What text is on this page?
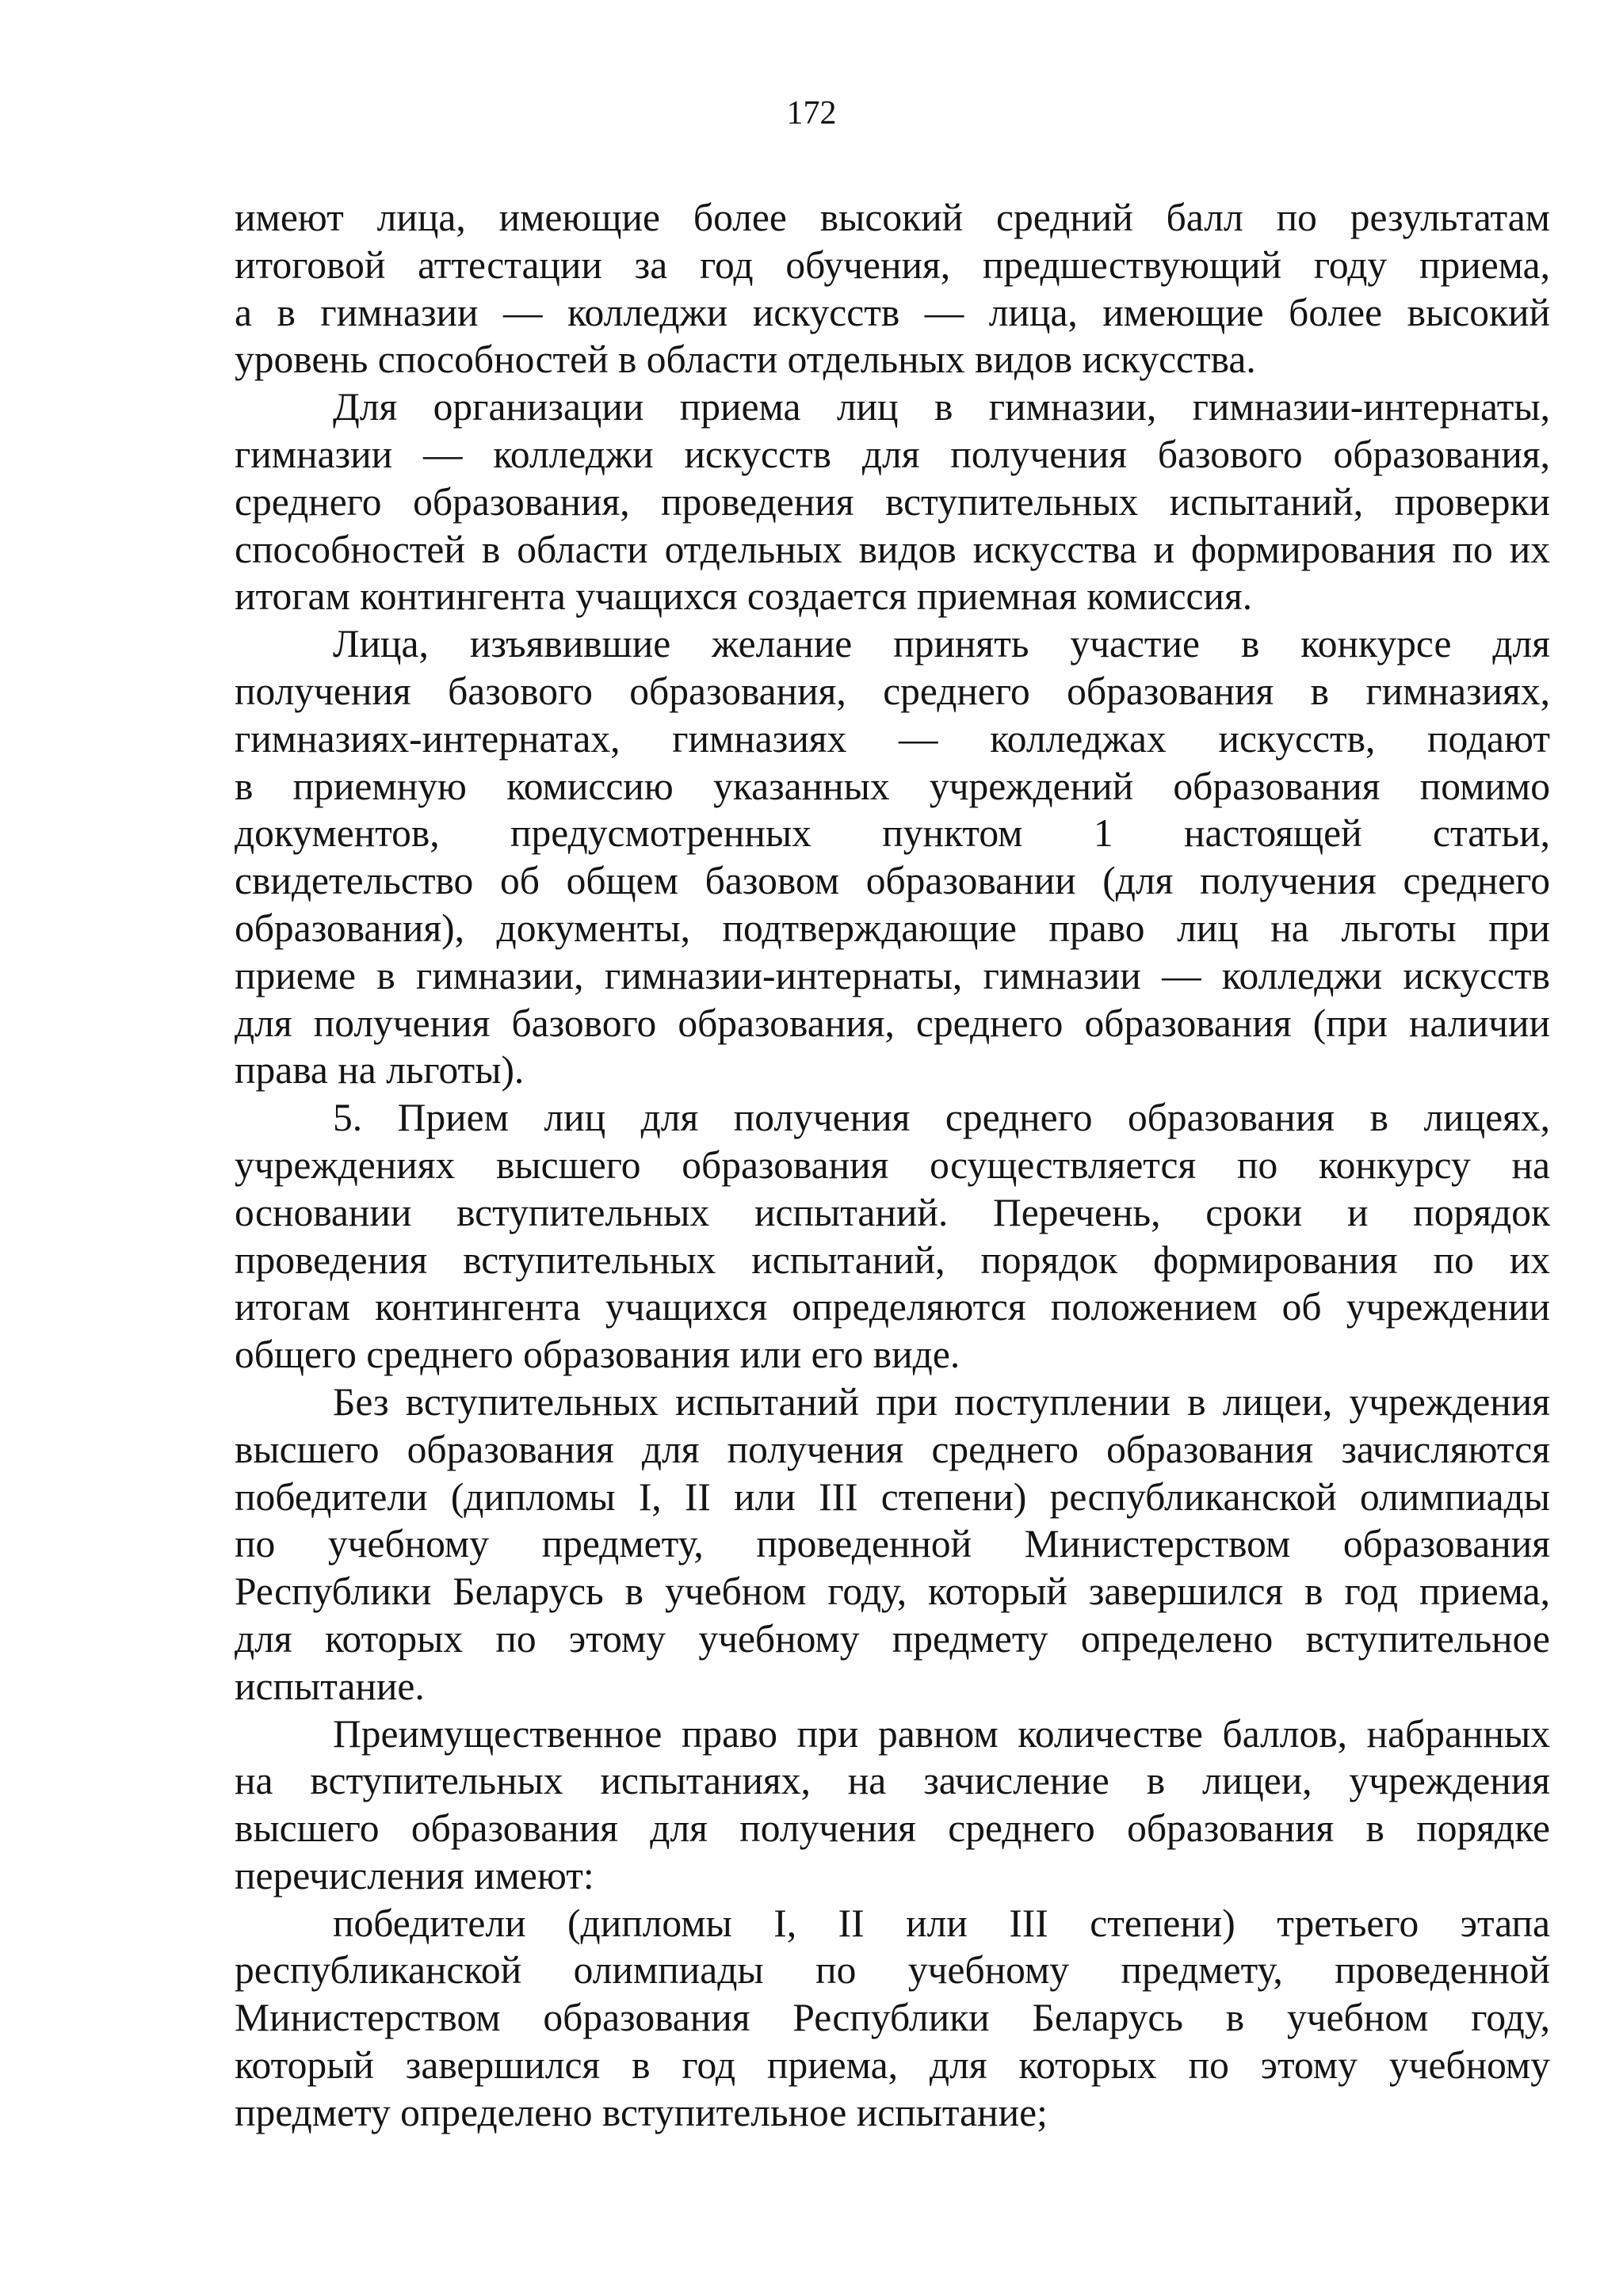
172
имеют лица, имеющие более высокий средний балл по результатам
итоговой аттестации за год обучения, предшествующий году приема,
а в гимназии — колледжи искусств — лица, имеющие более высокий
уровень способностей в области отдельных видов искусства.
Для организации приема лиц в гимназии, гимназии-интернаты,
гимназии — колледжи искусств для получения базового образования,
среднего образования, проведения вступительных испытаний, проверки
способностей в области отдельных видов искусства и формирования по их
итогам контингента учащихся создается приемная комиссия.
Лица, изъявившие желание принять участие в конкурсе для
получения базового образования, среднего образования в гимназиях,
гимназиях-интернатах, гимназиях — колледжах искусств, подают
в приемную комиссию указанных учреждений образования помимо
документов, предусмотренных пунктом 1 настоящей статьи,
свидетельство об общем базовом образовании (для получения среднего
образования), документы, подтверждающие право лиц на льготы при
приеме в гимназии, гимназии-интернаты, гимназии — колледжи искусств
для получения базового образования, среднего образования (при наличии
права на льготы).
5. Прием лиц для получения среднего образования в лицеях,
учреждениях высшего образования осуществляется по конкурсу на
основании вступительных испытаний. Перечень, сроки и порядок
проведения вступительных испытаний, порядок формирования по их
итогам контингента учащихся определяются положением об учреждении
общего среднего образования или его виде.
Без вступительных испытаний при поступлении в лицеи, учреждения
высшего образования для получения среднего образования зачисляются
победители (дипломы I, II или III степени) республиканской олимпиады
по учебному предмету, проведенной Министерством образования
Республики Беларусь в учебном году, который завершился в год приема,
для которых по этому учебному предмету определено вступительное
испытание.
Преимущественное право при равном количестве баллов, набранных
на вступительных испытаниях, на зачисление в лицеи, учреждения
высшего образования для получения среднего образования в порядке
перечисления имеют:
победители (дипломы I, II или III степени) третьего этапа
республиканской олимпиады по учебному предмету, проведенной
Министерством образования Республики Беларусь в учебном году,
который завершился в год приема, для которых по этому учебному
предмету определено вступительное испытание;
